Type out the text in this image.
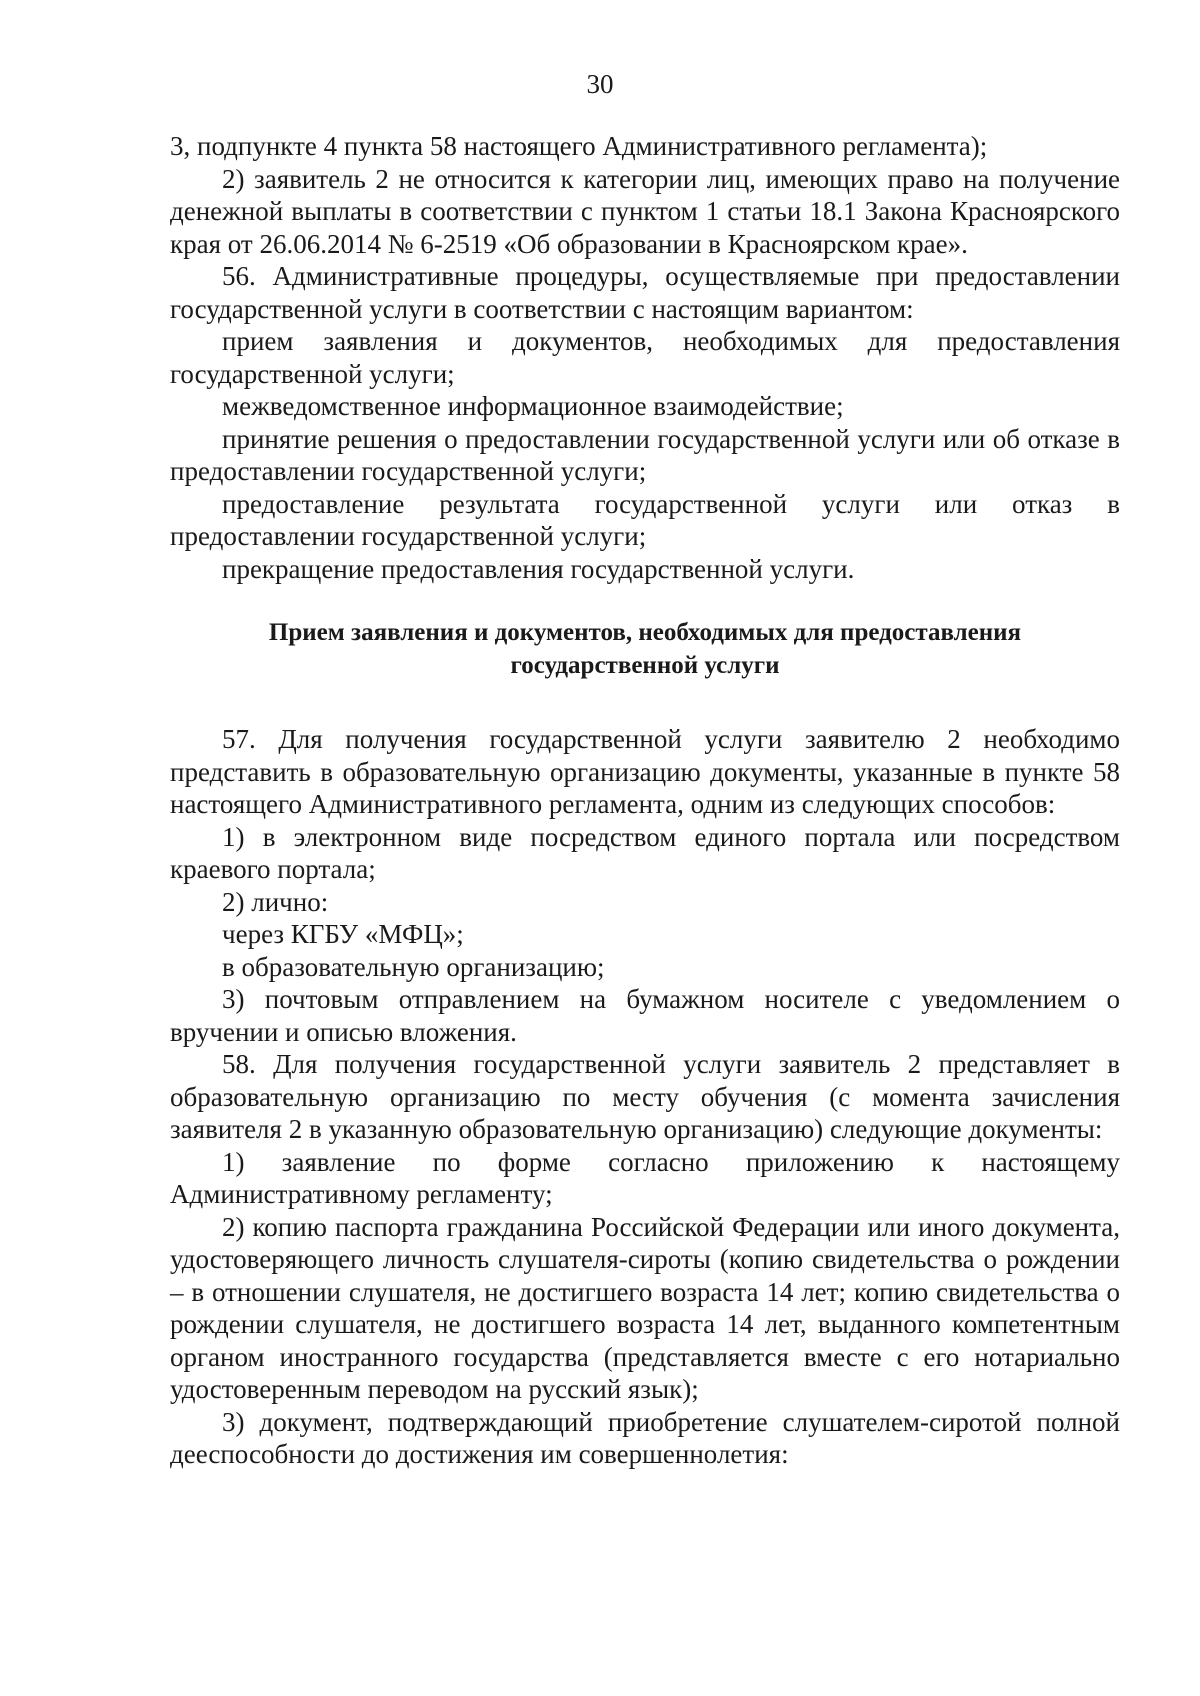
30

3, подпункте 4 пункта 58 настоящего Административного регламента);

2) заявитель 2 не относится к категории лиц, имеющих право на получение денежной выплаты в соответствии с пунктом 1 статьи 18.1 Закона Красноярского края от 26.06.2014 № 6-2519 «Об образовании в Красноярском крае».

56. Административные процедуры, осуществляемые при предоставлении государственной услуги в соответствии с настоящим вариантом:

прием заявления и документов, необходимых для предоставления государственной услуги;

межведомственное информационное взаимодействие;

принятие решения о предоставлении государственной услуги или об отказе в предоставлении государственной услуги;

предоставление результата государственной услуги или отказ в предоставлении государственной услуги;

прекращение предоставления государственной услуги.

Прием заявления и документов, необходимых для предоставления
государственной услуги

57. Для получения государственной услуги заявителю 2 необходимо представить в образовательную организацию документы, указанные в пункте 58 настоящего Административного регламента, одним из следующих способов:

1) в электронном виде посредством единого портала или посредством краевого портала;

2) лично:

через КГБУ «МФЦ»;

в образовательную организацию;

3) почтовым отправлением на бумажном носителе с уведомлением о вручении и описью вложения.

58. Для получения государственной услуги заявитель 2 представляет в образовательную организацию по месту обучения (с момента зачисления заявителя 2 в указанную образовательную организацию) следующие документы:

1) заявление по форме согласно приложению к настоящему Административному регламенту;

2) копию паспорта гражданина Российской Федерации или иного документа, удостоверяющего личность слушателя-сироты (копию свидетельства о рождении – в отношении слушателя, не достигшего возраста 14 лет; копию свидетельства о рождении слушателя, не достигшего возраста 14 лет, выданного компетентным органом иностранного государства (представляется вместе с его нотариально удостоверенным переводом на русский язык);

3) документ, подтверждающий приобретение слушателем-сиротой полной дееспособности до достижения им совершеннолетия:
